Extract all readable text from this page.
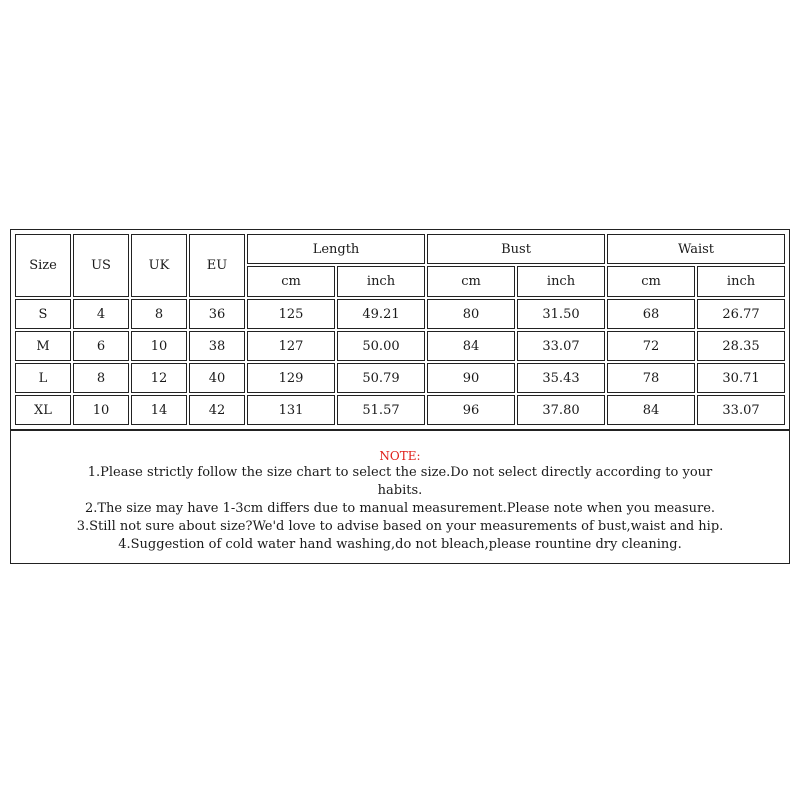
Size	US	UK	EU	Length		Bust		Waist	
				cm	inch	cm	inch	cm	inch
S	4	8	36	125	49.21	80	31.50	68	26.77
M	6	10	38	127	50.00	84	33.07	72	28.35
L	8	12	40	129	50.79	90	35.43	78	30.71
XL	10	14	42	131	51.57	96	37.80	84	33.07
NOTE:
1.Please strictly follow the size chart to select the size.Do not select directly according to your
habits.
2.The size may have 1-3cm differs due to manual measurement.Please note when you measure.
3.Still not sure about size?We'd love to advise based on your measurements of bust,waist and hip.
4.Suggestion of cold water hand washing,do not bleach,please rountine dry cleaning.
